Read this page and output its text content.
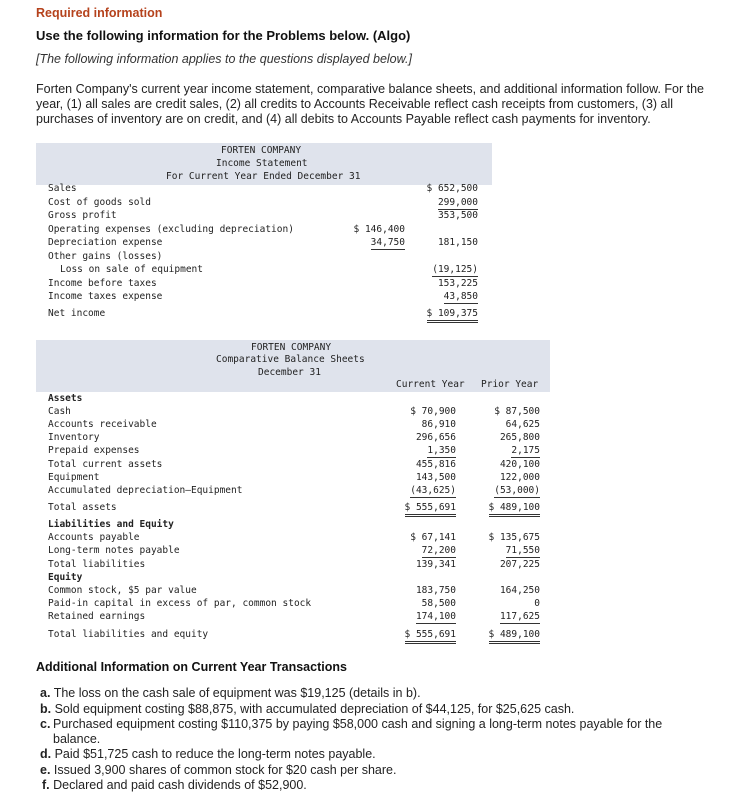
Required information
Use the following information for the Problems below. (Algo)
[The following information applies to the questions displayed below.]
Forten Company's current year income statement, comparative balance sheets, and additional information follow. For the year, (1) all sales are credit sales, (2) all credits to Accounts Receivable reflect cash receipts from customers, (3) all purchases of inventory are on credit, and (4) all debits to Accounts Payable reflect cash payments for inventory.
FORTEN COMPANY
Income Statement
For Current Year Ended December 31
Sales	$ 652,500
Cost of goods sold	299,000
Gross profit	353,500
Operating expenses (excluding depreciation)	$ 146,400
Depreciation expense	34,750	181,150
Other gains (losses)
Loss on sale of equipment	(19,125)
Income before taxes	153,225
Income taxes expense	43,850
Net income	$ 109,375
FORTEN COMPANY
Comparative Balance Sheets
December 31
Current Year Prior Year
Assets
Cash	$ 70,900	$ 87,500
Accounts receivable	86,910	64,625
Inventory	296,656	265,800
Prepaid expenses	1,350	2,175
Total current assets	455,816	420,100
Equipment	143,500	122,000
Accumulated depreciation—Equipment	(43,625)	(53,000)
Total assets	$ 555,691	$ 489,100
Liabilities and Equity
Accounts payable	$ 67,141	$ 135,675
Long-term notes payable	72,200	71,550
Total liabilities	139,341	207,225
Equity
Common stock, $5 par value	183,750	164,250
Paid-in capital in excess of par, common stock	58,500	0
Retained earnings	174,100	117,625
Total liabilities and equity	$ 555,691	$ 489,100
Additional Information on Current Year Transactions
a. The loss on the cash sale of equipment was $19,125 (details in b).
b. Sold equipment costing $88,875, with accumulated depreciation of $44,125, for $25,625 cash.
c. Purchased equipment costing $110,375 by paying $58,000 cash and signing a long-term notes payable for the balance.
d. Paid $51,725 cash to reduce the long-term notes payable.
e. Issued 3,900 shares of common stock for $20 cash per share.
f. Declared and paid cash dividends of $52,900.
